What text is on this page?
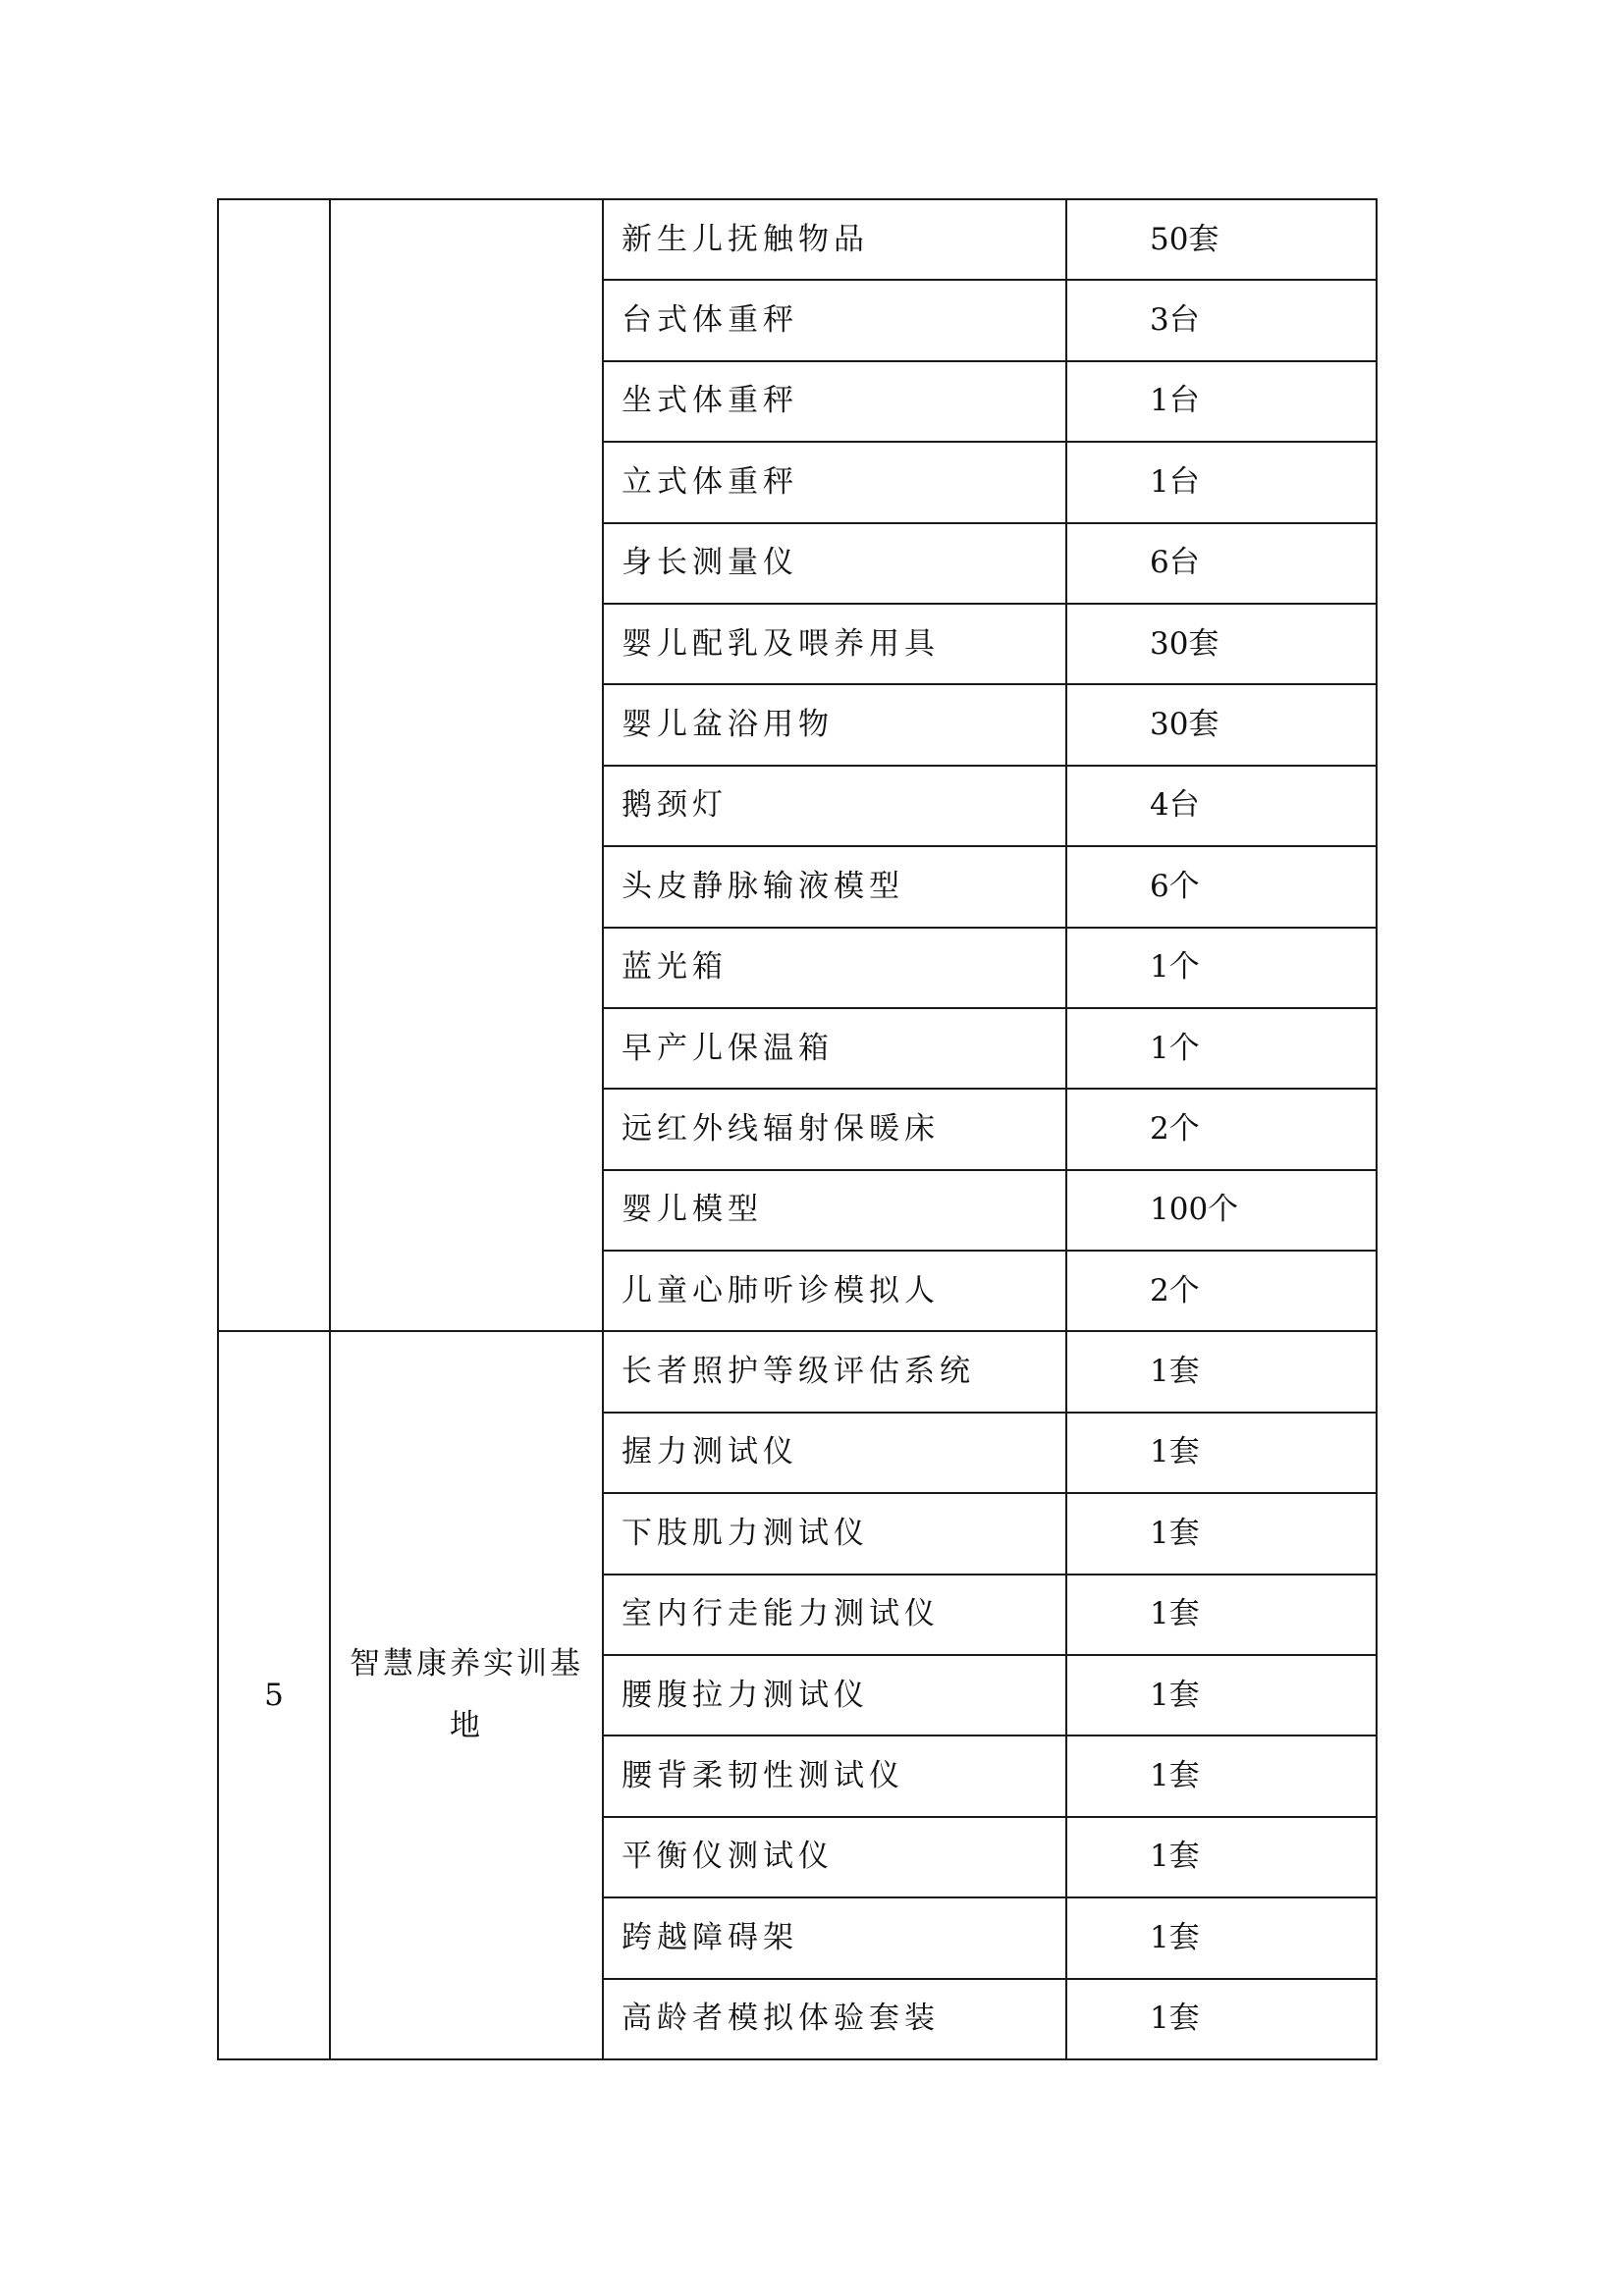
		新生儿抚触物品	50套
		台式体重秤	3台
		坐式体重秤	1台
		立式体重秤	1台
		身长测量仪	6台
		婴儿配乳及喂养用具	30套
		婴儿盆浴用物	30套
		鹅颈灯	4台
		头皮静脉输液模型	6个
		蓝光箱	1个
		早产儿保温箱	1个
		远红外线辐射保暖床	2个
		婴儿模型	100个
		儿童心肺听诊模拟人	2个
5	智慧康养实训基地	长者照护等级评估系统	1套
		握力测试仪	1套
		下肢肌力测试仪	1套
		室内行走能力测试仪	1套
		腰腹拉力测试仪	1套
		腰背柔韧性测试仪	1套
		平衡仪测试仪	1套
		跨越障碍架	1套
		高龄者模拟体验套装	1套
